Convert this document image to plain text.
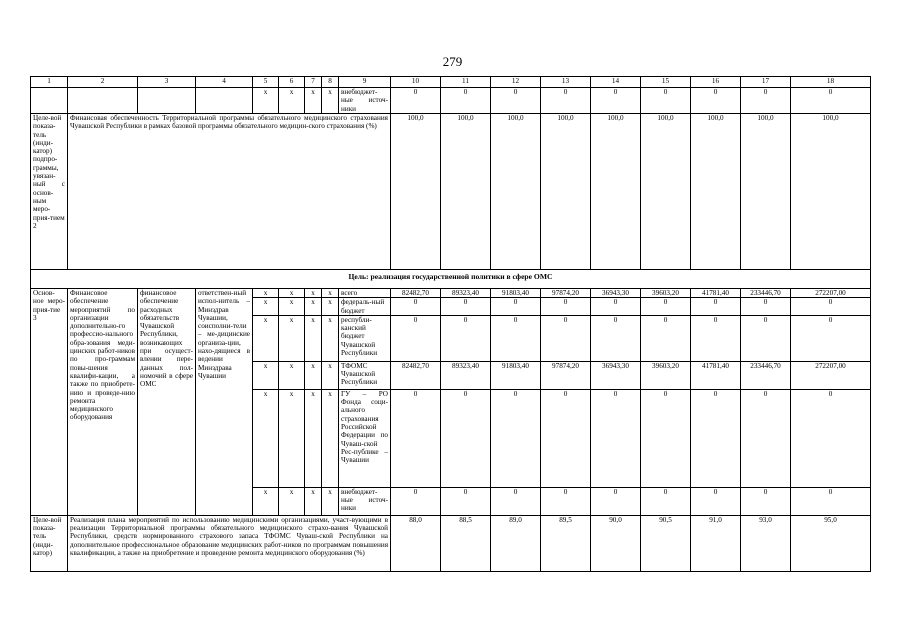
279
1	2	3	4	5	6	7	8	9	10	11	12	13	14	15	16	17	18
				x	x	x	x	внебюджет-ные источ-ники	0	0	0	0	0	0	0	0	0
Целе-вой показа-тель (инди-катор) подпро-граммы, увязан-ный с основ-ным меро-прия-тием 2	Финансовая обеспеченность Территориальной программы обязательного медицинского страхования Чувашской Республики в рамках базовой программы обязательного медицин-ского страхования (%)								100,0	100,0	100,0	100,0	100,0	100,0	100,0	100,0	100,0
Цель: реализация государственной политики в сфере ОМС																	
Основ-ное меро-прия-тие 3	Финансовое обеспечение мероприятий по организации дополнительно-го профессио-нального обра-зования меди-цинских работ-ников по про-граммам повы-шения квалифи-кации, а также по приобрете-нию и проведе-нию ремонта медицинского оборудования	финансовое обеспечение расходных обязательств Чувашской Республики, возникающих при осущест-влении пере-данных пол-номочий в сфере ОМС	ответствен-ный испол-нитель – Минздрав Чувашии, соисполни-тели – ме-дицинские организа-ции, нахо-дящиеся в ведении Минздрава Чувашии	x	x	x	x	всего	82482,70	89323,40	91803,40	97874,20	36943,30	39603,20	41781,40	233446,70	272207,00
				x	x	x	x	федераль-ный бюджет	0	0	0	0	0	0	0	0	0
				x	x	x	x	республи-канский бюджет Чувашской Республики	0	0	0	0	0	0	0	0	0
				x	x	x	x	ТФОМС Чувашской Республики	82482,70	89323,40	91803,40	97874,20	36943,30	39603,20	41781,40	233446,70	272207,00
				x	x	x	x	ГУ – РО Фонда соци-ального страхования Российской Федерации по Чуваш-ской Рес-публике – Чувашии	0	0	0	0	0	0	0	0	0
				x	x	x	x	внебюджет-ные источ-ники	0	0	0	0	0	0	0	0	0
Целе-вой показа-тель (инди-катор)	Реализация плана мероприятий по использованию медицинскими организациями, участ-вующими в реализации Территориальной программы обязательного медицинского страхо-вания Чувашской Республики, средств нормированного страхового запаса ТФОМС Чуваш-ской Республики на дополнительное профессиональное образование медицинских работ-ников по программам повышения квалификации, а также на приобретение и проведение ремонта медицинского оборудования (%)								88,0	88,5	89,0	89,5	90,0	90,5	91,0	93,0	95,0
